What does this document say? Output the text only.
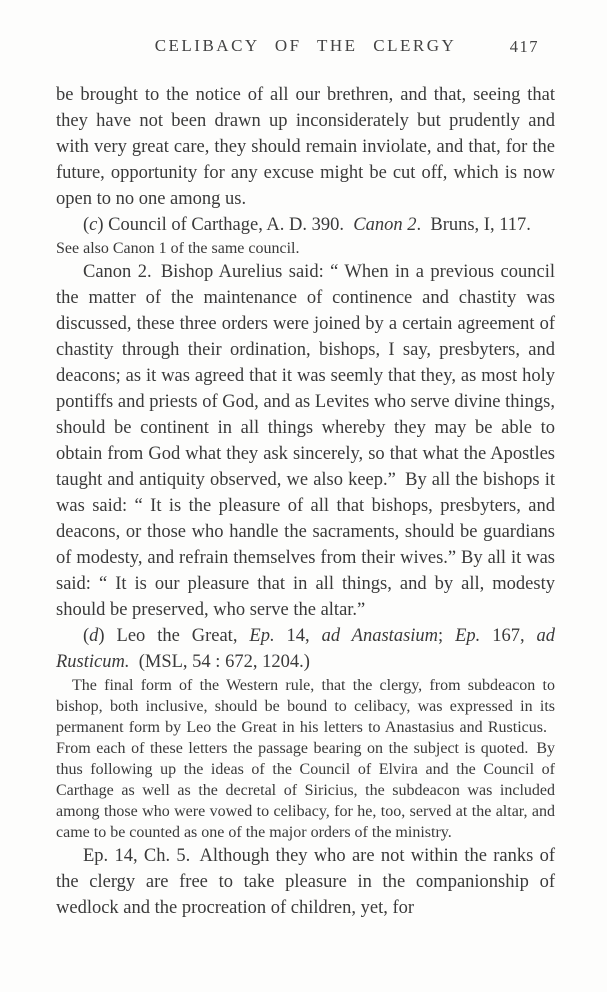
CELIBACY OF THE CLERGY	417

be brought to the notice of all our brethren, and that, seeing that they have not been drawn up inconsiderately but prudently and with very great care, they should remain inviolate, and that, for the future, opportunity for any excuse might be cut off, which is now open to no one among us.

(c) Council of Carthage, A. D. 390. Canon 2. Bruns, I, 117.

See also Canon 1 of the same council.

Canon 2. Bishop Aurelius said: “ When in a previous council the matter of the maintenance of continence and chastity was discussed, these three orders were joined by a certain agreement of chastity through their ordination, bishops, I say, presbyters, and deacons; as it was agreed that it was seemly that they, as most holy pontiffs and priests of God, and as Levites who serve divine things, should be continent in all things whereby they may be able to obtain from God what they ask sincerely, so that what the Apostles taught and antiquity observed, we also keep.” By all the bishops it was said: “ It is the pleasure of all that bishops, presbyters, and deacons, or those who handle the sacraments, should be guardians of modesty, and refrain themselves from their wives.” By all it was said: “ It is our pleasure that in all things, and by all, modesty should be preserved, who serve the altar.”

(d) Leo the Great, Ep. 14, ad Anastasium; Ep. 167, ad Rusticum. (MSL, 54 : 672, 1204.)

The final form of the Western rule, that the clergy, from subdeacon to bishop, both inclusive, should be bound to celibacy, was expressed in its permanent form by Leo the Great in his letters to Anastasius and Rusticus. From each of these letters the passage bearing on the subject is quoted. By thus following up the ideas of the Council of Elvira and the Council of Carthage as well as the decretal of Siricius, the subdeacon was included among those who were vowed to celibacy, for he, too, served at the altar, and came to be counted as one of the major orders of the ministry.

Ep. 14, Ch. 5. Although they who are not within the ranks of the clergy are free to take pleasure in the companionship of wedlock and the procreation of children, yet, for
